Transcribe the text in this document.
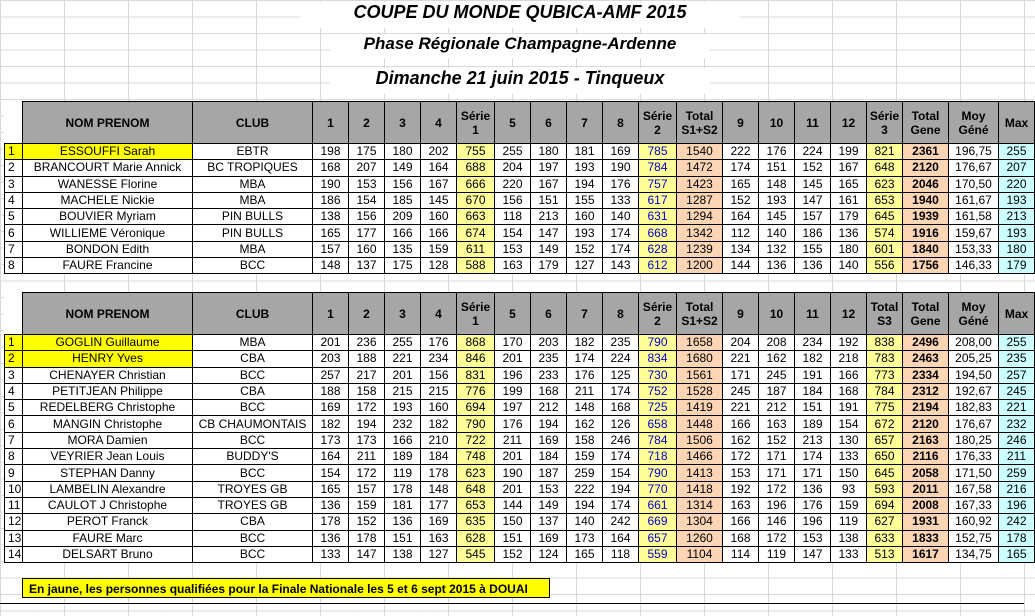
COUPE DU MONDE QUBICA-AMF 2015
Phase Régionale Champagne-Ardenne
Dimanche 21 juin 2015 - Tinqueux
	NOM PRENOM	CLUB	1	2	3	4	Série 1	5	6	7	8	Série 2	Total S1+S2	9	10	11	12	Série 3	Total Gene	Moy Géné	Max
1	ESSOUFFI Sarah	EBTR	198	175	180	202	755	255	180	181	169	785	1540	222	176	224	199	821	2361	196,75	255
2	BRANCOURT Marie Annick	BC TROPIQUES	168	207	149	164	688	204	197	193	190	784	1472	174	151	152	167	648	2120	176,67	207
3	WANESSE Florine	MBA	190	153	156	167	666	220	167	194	176	757	1423	165	148	145	165	623	2046	170,50	220
4	MACHELE Nickie	MBA	186	154	185	145	670	156	151	155	133	617	1287	152	193	147	161	653	1940	161,67	193
5	BOUVIER Myriam	PIN BULLS	138	156	209	160	663	118	213	160	140	631	1294	164	145	157	179	645	1939	161,58	213
6	WILLIEME Véronique	PIN BULLS	165	177	166	166	674	154	147	193	174	668	1342	112	140	186	136	574	1916	159,67	193
7	BONDON Edith	MBA	157	160	135	159	611	153	149	152	174	628	1239	134	132	155	180	601	1840	153,33	180
8	FAURE Francine	BCC	148	137	175	128	588	163	179	127	143	612	1200	144	136	136	140	556	1756	146,33	179
	NOM PRENOM	CLUB	1	2	3	4	Série 1	5	6	7	8	Série 2	Total S1+S2	9	10	11	12	Total S3	Total Gene	Moy Géné	Max
1	GOGLIN Guillaume	MBA	201	236	255	176	868	170	203	182	235	790	1658	204	208	234	192	838	2496	208,00	255
2	HENRY Yves	CBA	203	188	221	234	846	201	235	174	224	834	1680	221	162	182	218	783	2463	205,25	235
3	CHENAYER Christian	BCC	257	217	201	156	831	196	233	176	125	730	1561	171	245	191	166	773	2334	194,50	257
4	PETITJEAN Philippe	CBA	188	158	215	215	776	199	168	211	174	752	1528	245	187	184	168	784	2312	192,67	245
5	REDELBERG Christophe	BCC	169	172	193	160	694	197	212	148	168	725	1419	221	212	151	191	775	2194	182,83	221
6	MANGIN Christophe	CB CHAUMONTAIS	182	194	232	182	790	176	194	162	126	658	1448	166	163	189	154	672	2120	176,67	232
7	MORA Damien	BCC	173	173	166	210	722	211	169	158	246	784	1506	162	152	213	130	657	2163	180,25	246
8	VEYRIER Jean Louis	BUDDY'S	164	211	189	184	748	201	184	159	174	718	1466	172	171	174	133	650	2116	176,33	211
9	STEPHAN Danny	BCC	154	172	119	178	623	190	187	259	154	790	1413	153	171	171	150	645	2058	171,50	259
10	LAMBELIN Alexandre	TROYES GB	165	157	178	148	648	201	153	222	194	770	1418	192	172	136	93	593	2011	167,58	216
11	CAULOT J Christophe	TROYES GB	136	159	181	177	653	144	149	194	174	661	1314	163	196	176	159	694	2008	167,33	196
12	PEROT Franck	CBA	178	152	136	169	635	150	137	140	242	669	1304	166	146	196	119	627	1931	160,92	242
13	FAURE Marc	BCC	136	178	151	163	628	151	169	173	164	657	1260	168	172	153	138	633	1833	152,75	178
14	DELSART Bruno	BCC	133	147	138	127	545	152	124	165	118	559	1104	114	119	147	133	513	1617	134,75	165
En jaune, les personnes qualifiées pour la Finale Nationale les 5 et 6 sept 2015 à DOUAI
